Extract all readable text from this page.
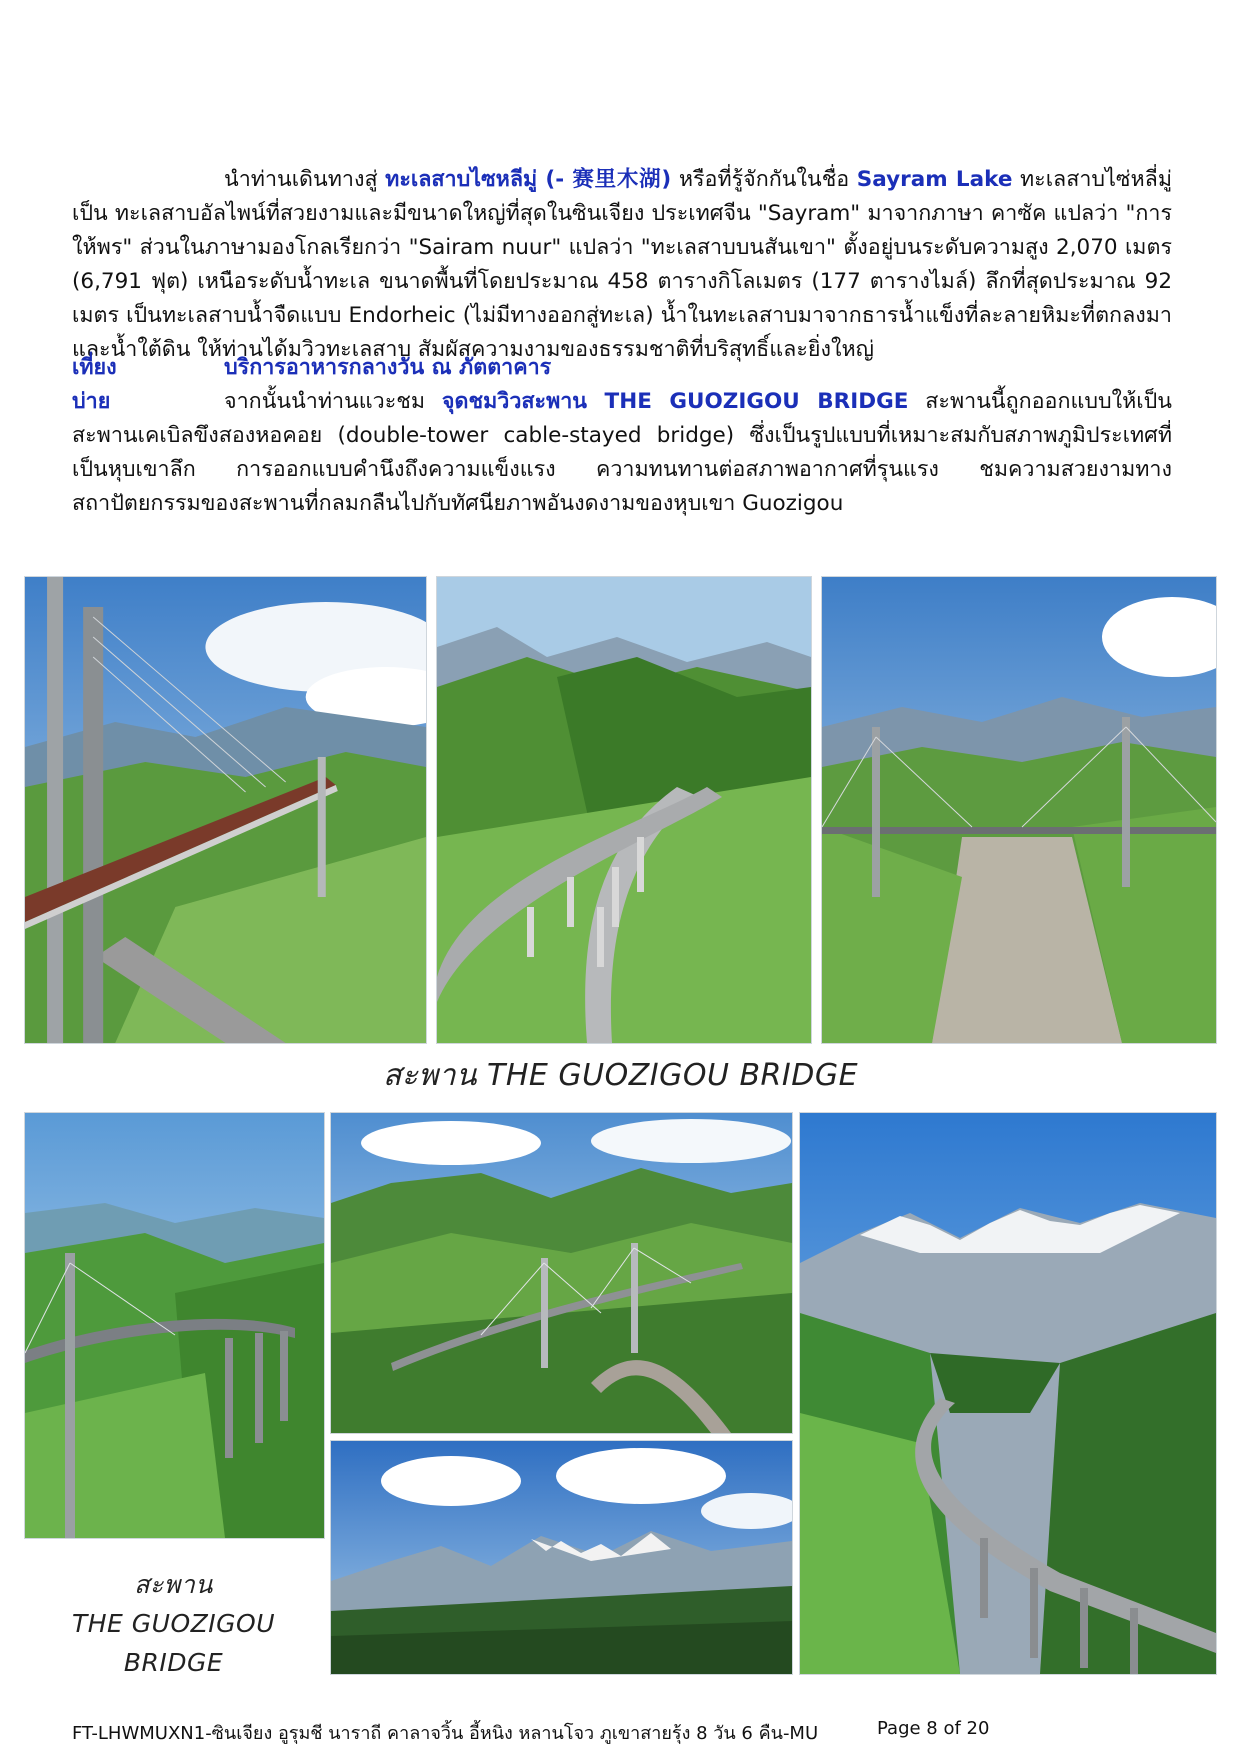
นำท่านเดินทางสู่ ทะเลสาบไซหลีมู่ (- 赛里木湖) หรือที่รู้จักกันในชื่อ Sayram Lake ทะเลสาบไซ่หลี่มู่ เป็น ทะเลสาบอัลไพน์ที่สวยงามและมีขนาดใหญ่ที่สุดในซินเจียง ประเทศจีน "Sayram" มาจากภาษา คาซัค แปลว่า "การให้พร" ส่วนในภาษามองโกลเรียกว่า "Sairam nuur" แปลว่า "ทะเลสาบบนสันเขา" ตั้งอยู่บนระดับความสูง 2,070 เมตร (6,791 ฟุต) เหนือระดับน้ำทะเล ขนาดพื้นที่โดยประมาณ 458 ตารางกิโลเมตร (177 ตารางไมล์) ลึกที่สุดประมาณ 92 เมตร เป็นทะเลสาบน้ำจืดแบบ Endorheic (ไม่มีทางออกสู่ทะเล) น้ำในทะเลสาบมาจากธารน้ำแข็งที่ละลายหิมะที่ตกลงมาและน้ำใต้ดิน ให้ท่านได้มวิวทะเลสาบ สัมผัสความงามของธรรมชาติที่บริสุทธิ์และยิ่งใหญ่
เที่ยง	บริการอาหารกลางวัน ณ ภัตตาคาร
บ่าย	จากนั้นนำท่านแวะชม จุดชมวิวสะพาน THE GUOZIGOU BRIDGE สะพานนี้ถูกออกแบบให้เป็นสะพานเคเบิลขึงสองหอคอย (double-tower cable-stayed bridge) ซึ่งเป็นรูปแบบที่เหมาะสมกับสภาพภูมิประเทศที่เป็นหุบเขาลึก การออกแบบคำนึงถึงความแข็งแรง ความทนทานต่อสภาพอากาศที่รุนแรง ชมความสวยงามทางสถาปัตยกรรมของสะพานที่กลมกลืนไปกับทัศนียภาพอันงดงามของหุบเขา Guozigou
สะพาน THE GUOZIGOU BRIDGE
สะพาน
THE GUOZIGOU
BRIDGE
FT-LHWMUXN1-ซินเจียง อูรุมชี นาราถี คาลาจวิ้น อี้หนิง หลานโจว ภูเขาสายรุ้ง 8 วัน 6 คืน-MU	Page 8 of 20
